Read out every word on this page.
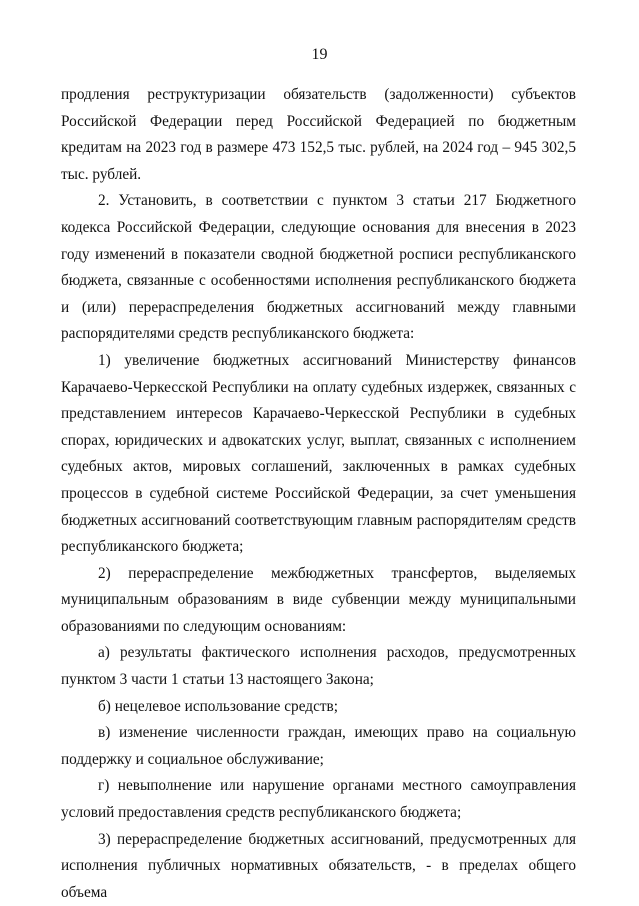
19

продления реструктуризации обязательств (задолженности) субъектов Российской Федерации перед Российской Федерацией по бюджетным кредитам на 2023 год в размере 473 152,5 тыс. рублей, на 2024 год – 945 302,5 тыс. рублей.

2. Установить, в соответствии с пунктом 3 статьи 217 Бюджетного кодекса Российской Федерации, следующие основания для внесения в 2023 году изменений в показатели сводной бюджетной росписи республиканского бюджета, связанные с особенностями исполнения республиканского бюджета и (или) перераспределения бюджетных ассигнований между главными распорядителями средств республиканского бюджета:

1) увеличение бюджетных ассигнований Министерству финансов Карачаево-Черкесской Республики на оплату судебных издержек, связанных с представлением интересов Карачаево-Черкесской Республики в судебных спорах, юридических и адвокатских услуг, выплат, связанных с исполнением судебных актов, мировых соглашений, заключенных в рамках судебных процессов в судебной системе Российской Федерации, за счет уменьшения бюджетных ассигнований соответствующим главным распорядителям средств республиканского бюджета;

2) перераспределение межбюджетных трансфертов, выделяемых муниципальным образованиям в виде субвенции между муниципальными образованиями по следующим основаниям:

а) результаты фактического исполнения расходов, предусмотренных пунктом 3 части 1 статьи 13 настоящего Закона;

б) нецелевое использование средств;

в) изменение численности граждан, имеющих право на социальную поддержку и социальное обслуживание;

г) невыполнение или нарушение органами местного самоуправления условий предоставления средств республиканского бюджета;

3) перераспределение бюджетных ассигнований, предусмотренных для исполнения публичных нормативных обязательств, - в пределах общего объема
